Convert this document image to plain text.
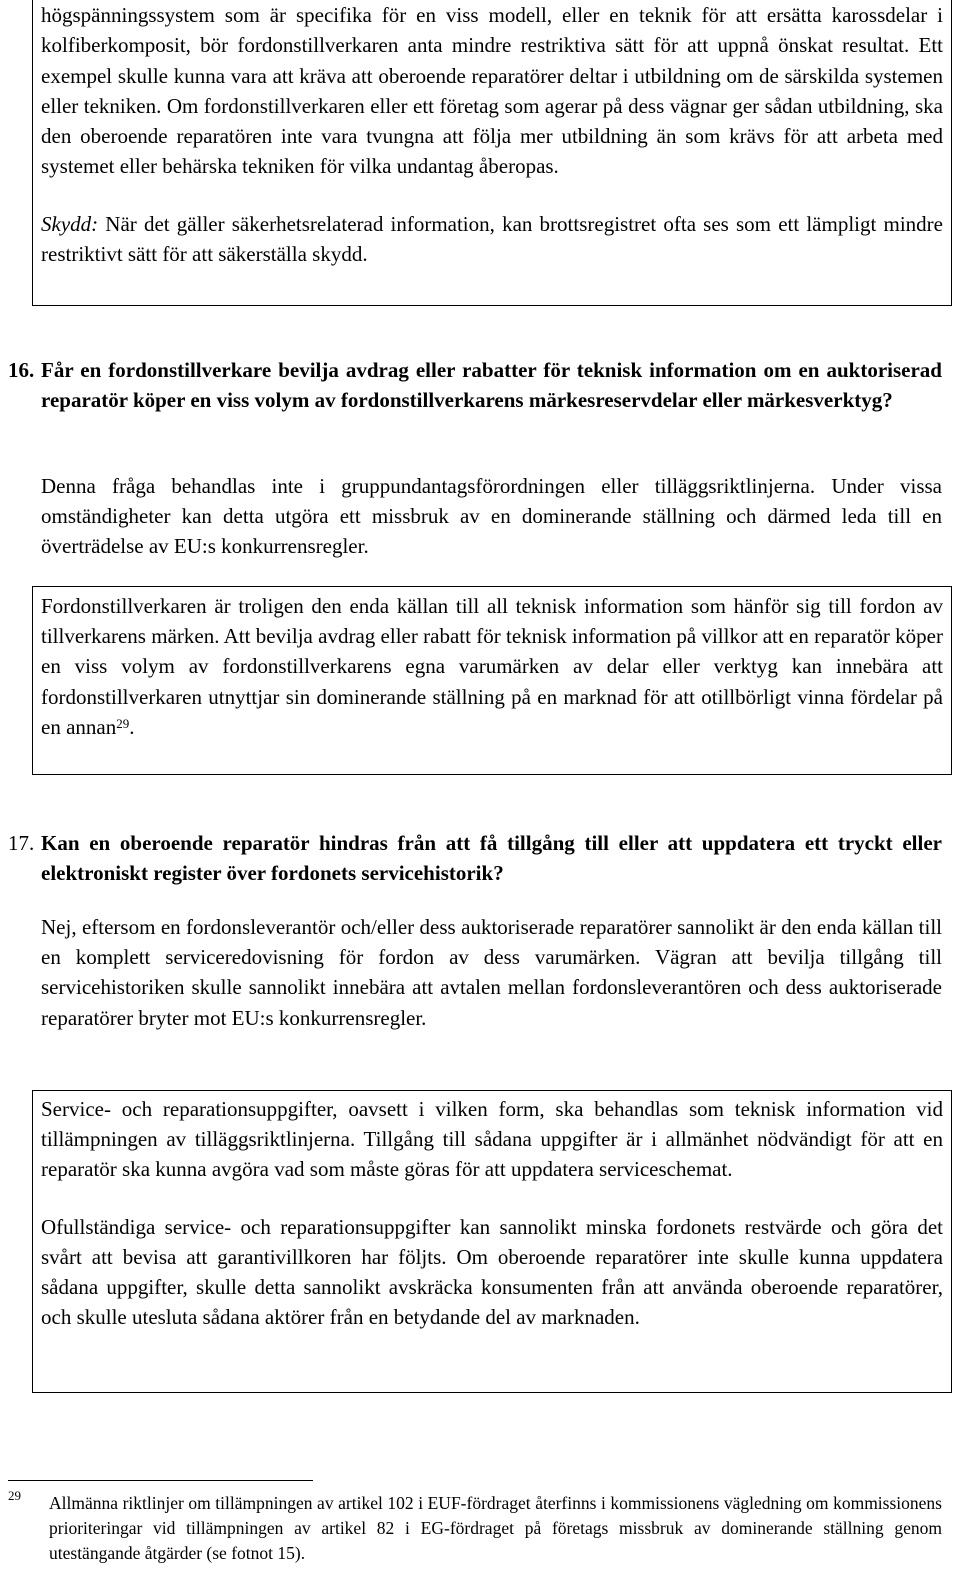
högspänningssystem som är specifika för en viss modell, eller en teknik för att ersätta karossdelar i kolfiberkomposit, bör fordonstillverkaren anta mindre restriktiva sätt för att uppnå önskat resultat. Ett exempel skulle kunna vara att kräva att oberoende reparatörer deltar i utbildning om de särskilda systemen eller tekniken. Om fordonstillverkaren eller ett företag som agerar på dess vägnar ger sådan utbildning, ska den oberoende reparatören inte vara tvungna att följa mer utbildning än som krävs för att arbeta med systemet eller behärska tekniken för vilka undantag åberopas.

Skydd: När det gäller säkerhetsrelaterad information, kan brottsregistret ofta ses som ett lämpligt mindre restriktivt sätt för att säkerställa skydd.

16. Får en fordonstillverkare bevilja avdrag eller rabatter för teknisk information om en auktoriserad reparatör köper en viss volym av fordonstillverkarens märkesreservdelar eller märkesverktyg?

Denna fråga behandlas inte i gruppundantagsförordningen eller tilläggsriktlinjerna. Under vissa omständigheter kan detta utgöra ett missbruk av en dominerande ställning och därmed leda till en överträdelse av EU:s konkurrensregler.

Fordonstillverkaren är troligen den enda källan till all teknisk information som hänför sig till fordon av tillverkarens märken. Att bevilja avdrag eller rabatt för teknisk information på villkor att en reparatör köper en viss volym av fordonstillverkarens egna varumärken av delar eller verktyg kan innebära att fordonstillverkaren utnyttjar sin dominerande ställning på en marknad för att otillbörligt vinna fördelar på en annan$^{29}$.

17. Kan en oberoende reparatör hindras från att få tillgång till eller att uppdatera ett tryckt eller elektroniskt register över fordonets servicehistorik?

Nej, eftersom en fordonsleverantör och/eller dess auktoriserade reparatörer sannolikt är den enda källan till en komplett serviceredovisning för fordon av dess varumärken. Vägran att bevilja tillgång till servicehistoriken skulle sannolikt innebära att avtalen mellan fordonsleverantören och dess auktoriserade reparatörer bryter mot EU:s konkurrensregler.

Service- och reparationsuppgifter, oavsett i vilken form, ska behandlas som teknisk information vid tillämpningen av tilläggsriktlinjerna. Tillgång till sådana uppgifter är i allmänhet nödvändigt för att en reparatör ska kunna avgöra vad som måste göras för att uppdatera serviceschemat.

Ofullständiga service- och reparationsuppgifter kan sannolikt minska fordonets restvärde och göra det svårt att bevisa att garantivillkoren har följts. Om oberoende reparatörer inte skulle kunna uppdatera sådana uppgifter, skulle detta sannolikt avskräcka konsumenten från att använda oberoende reparatörer, och skulle utesluta sådana aktörer från en betydande del av marknaden.

29 Allmänna riktlinjer om tillämpningen av artikel 102 i EUF-fördraget återfinns i kommissionens vägledning om kommissionens prioriteringar vid tillämpningen av artikel 82 i EG-fördraget på företags missbruk av dominerande ställning genom utestängande åtgärder (se fotnot 15).
